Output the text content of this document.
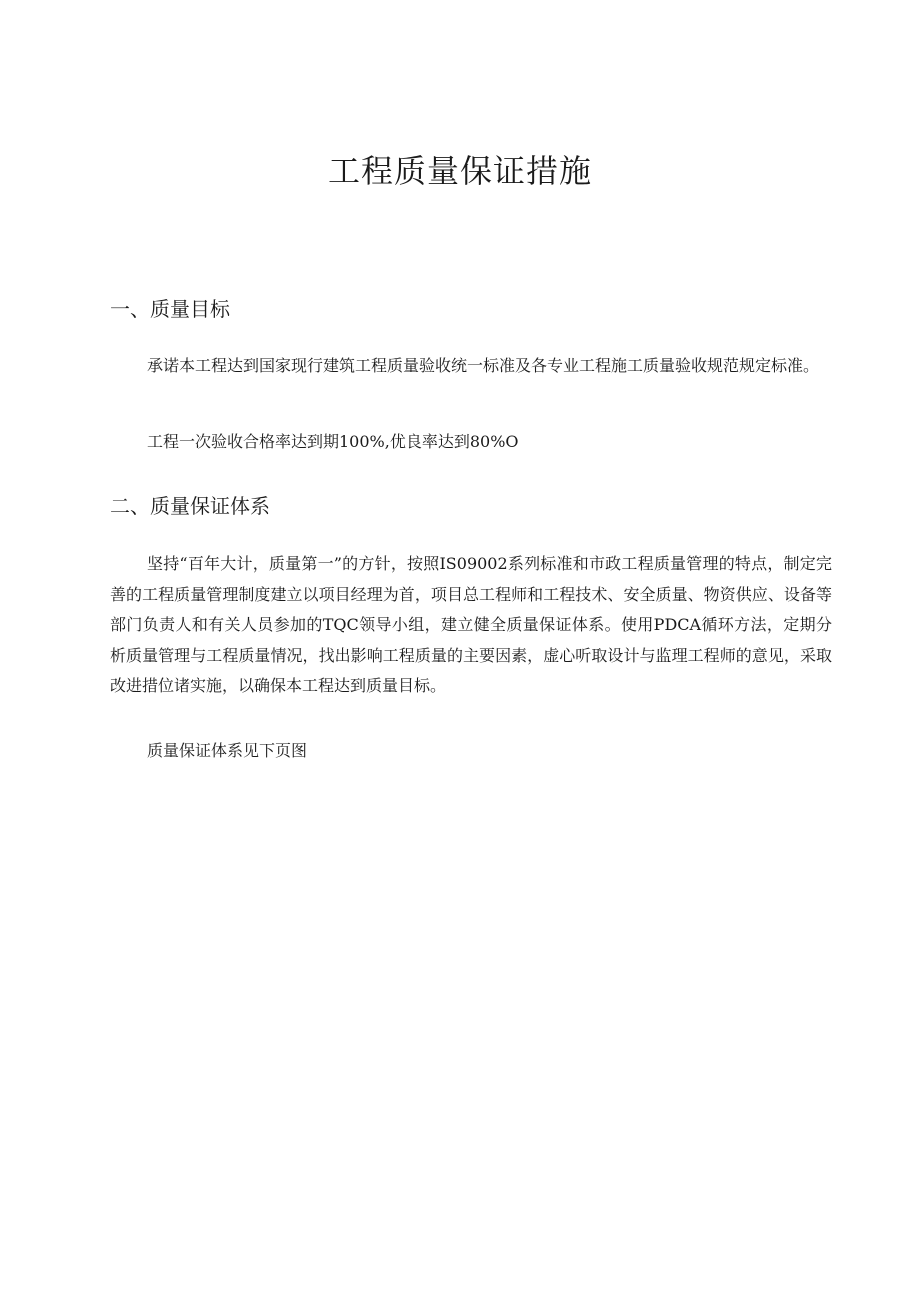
工程质量保证措施
一、质量目标

承诺本工程达到国家现行建筑工程质量验收统一标准及各专业工程施工质量验收规范规定标准。

工程一次验收合格率达到期100%,优良率达到80%O

二、质量保证体系

坚持“百年大计，质量第一”的方针，按照IS09002系列标准和市政工程质量管理的特点，制定完善的工程质量管理制度建立以项目经理为首，项目总工程师和工程技术、安全质量、物资供应、设备等部门负责人和有关人员参加的TQC领导小组，建立健全质量保证体系。使用PDCA循环方法，定期分析质量管理与工程质量情况，找出影响工程质量的主要因素，虚心听取设计与监理工程师的意见，采取改进措位诸实施，以确保本工程达到质量目标。

质量保证体系见下页图
